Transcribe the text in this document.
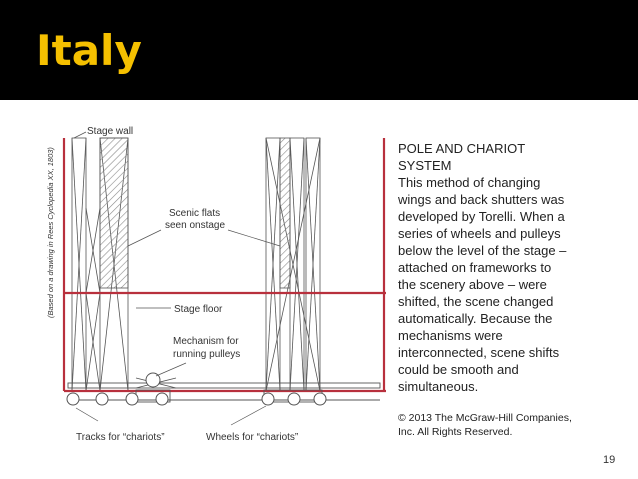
Italy
(Based on a drawing in Rees Cyclopedia XX, 1803)
Stage wall
Scenic flats
seen onstage
Stage floor
Mechanism for
running pulleys
Tracks for “chariots”	Wheels for “chariots”
POLE AND CHARIOT
SYSTEM
This method of changing wings and back shutters was developed by Torelli. When a series of wheels and pulleys below the level of the stage – attached on frameworks to the scenery above – were shifted, the scene changed automatically. Because the mechanisms were interconnected, scene shifts could be smooth and simultaneous.
© 2013 The McGraw-Hill Companies, Inc. All Rights Reserved.
19
